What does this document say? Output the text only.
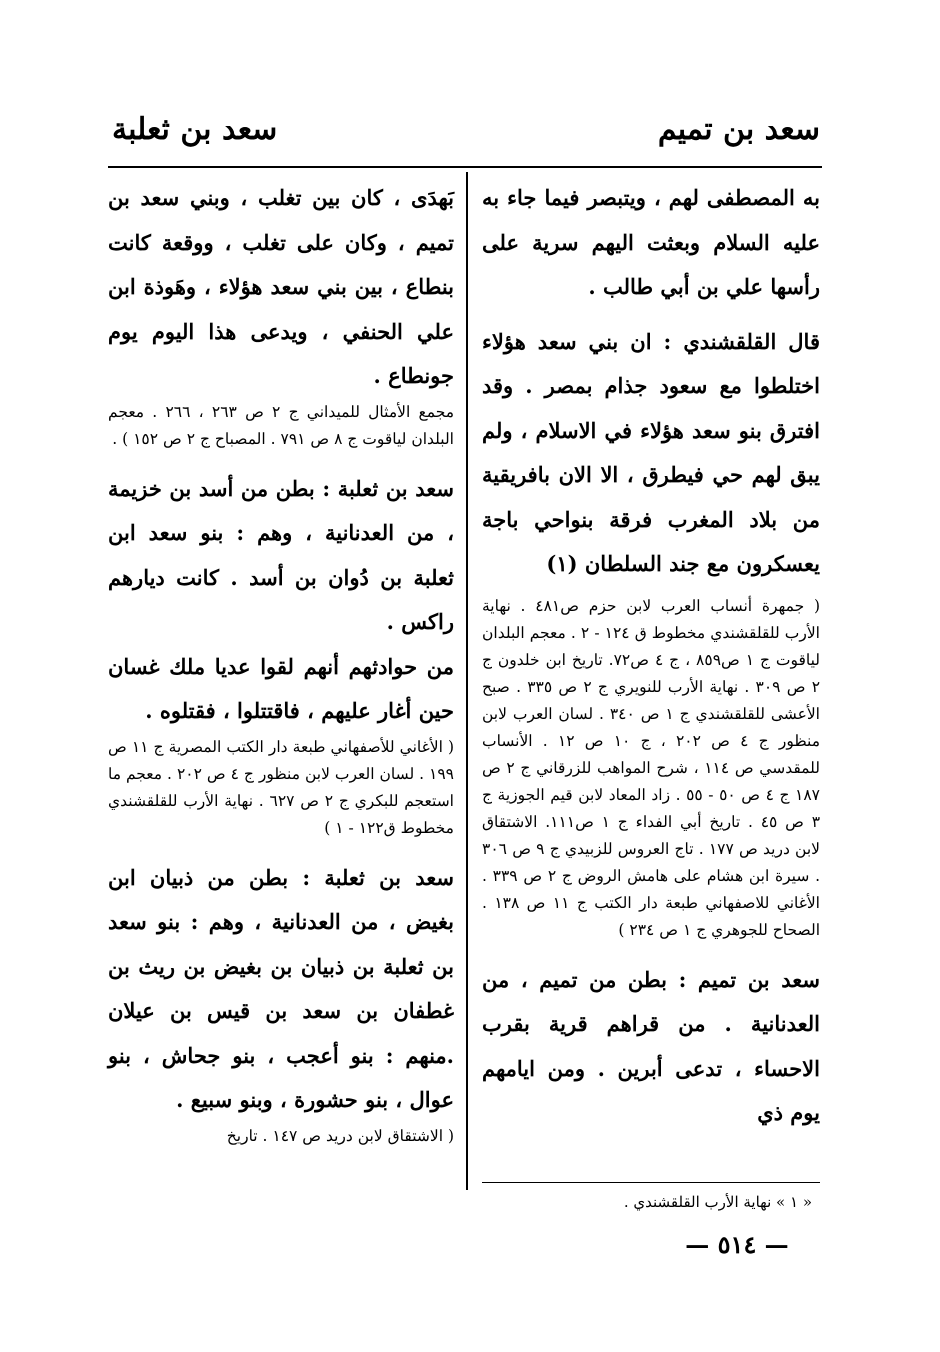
سعد بن تميم
سعد بن ثعلبة

به المصطفى لهم ، ويتبصر فيما جاء به عليه السلام وبعثت اليهم سرية على رأسها علي بن أبي طالب .

قال القلقشندي : ان بني سعد هؤلاء اختلطوا مع سعود جذام بمصر . وقد افترق بنو سعد هؤلاء في الاسلام ، ولم يبق لهم حي فيطرق ، الا الان بافريقية من بلاد المغرب فرقة بنواحي باجة يعسكرون مع جند السلطان (١)

( جمهرة أنساب العرب لابن حزم ص٤٨١ . نهاية الأرب للقلقشندي مخطوط ق ١٢٤ - ٢ . معجم البلدان لياقوت ج ١ ص٨٥٩ ، ج ٤ ص٧٢. تاريخ ابن خلدون ج ٢ ص ٣٠٩ . نهاية الأرب للنويري ج ٢ ص ٣٣٥ . صبح الأعشى للقلقشندي ج ١ ص ٣٤٠ . لسان العرب لابن منظور ج ٤ ص ٢٠٢ ، ج ١٠ ص ١٢ . الأنساب للمقدسي ص ١١٤ ، شرح المواهب للزرقاني ج ٢ ص ١٨٧ ج ٤ ص ٥٠ - ٥٥ . زاد المعاد لابن قيم الجوزية ج ٣ ص ٤٥ . تاريخ أبي الفداء ج ١ ص١١١. الاشتقاق لابن دريد ص ١٧٧ . تاج العروس للزبيدي ج ٩ ص ٣٠٦ . سيرة ابن هشام على هامش الروض ج ٢ ص ٣٣٩ . الأغاني للاصفهاني طبعة دار الكتب ج ١١ ص ١٣٨ . الصحاح للجوهري ج ١ ص ٢٣٤ )

سعد بن تميم : بطن من تميم ، من العدنانية . من قراهم قرية بقرب الاحساء ، تدعى أبرين . ومن ايامهم يوم ذي

بَهدَى ، كان بين تغلب ، وبني سعد بن تميم ، وكان على تغلب ، ووقعة كانت بنطاع ، بين بني سعد هؤلاء ، وهَوذة ابن علي الحنفي ، ويدعى هذا اليوم يوم جونطاع .

مجمع الأمثال للميداني ج ٢ ص ٢٦٣ ، ٢٦٦ . معجم البلدان لياقوت ج ٨ ص ٧٩١ . المصباح ج ٢ ص ١٥٢ ) .

سعد بن ثعلبة : بطن من أسد بن خزيمة ، من العدنانية ، وهم : بنو سعد ابن ثعلبة بن دُوان بن أسد . كانت ديارهم راكس .

من حوادثهم أنهم لقوا عديا ملك غسان حين أغار عليهم ، فاقتتلوا ، فقتلوه .

( الأغاني للأصفهاني طبعة دار الكتب المصرية ج ١١ ص ١٩٩ . لسان العرب لابن منظور ج ٤ ص ٢٠٢ . معجم ما استعجم للبكري ج ٢ ص ٦٢٧ . نهاية الأرب للقلقشندي مخطوط ق١٢٢ - ١ )

سعد بن ثعلبة : بطن من ذبيان ابن بغيض ، من العدنانية ، وهم : بنو سعد بن ثعلبة بن ذبيان بن بغيض بن ريث بن غطفان بن سعد بن قيس بن عيلان .منهم : بنو أعجب ، بنو جحاش ، بنو عوال ، بنو حشورة ، وبنو سبيع .

( الاشتقاق لابن دريد ص ١٤٧ . تاريخ

« ١ » نهاية الأرب القلقشندي .
— ٥١٤ —
